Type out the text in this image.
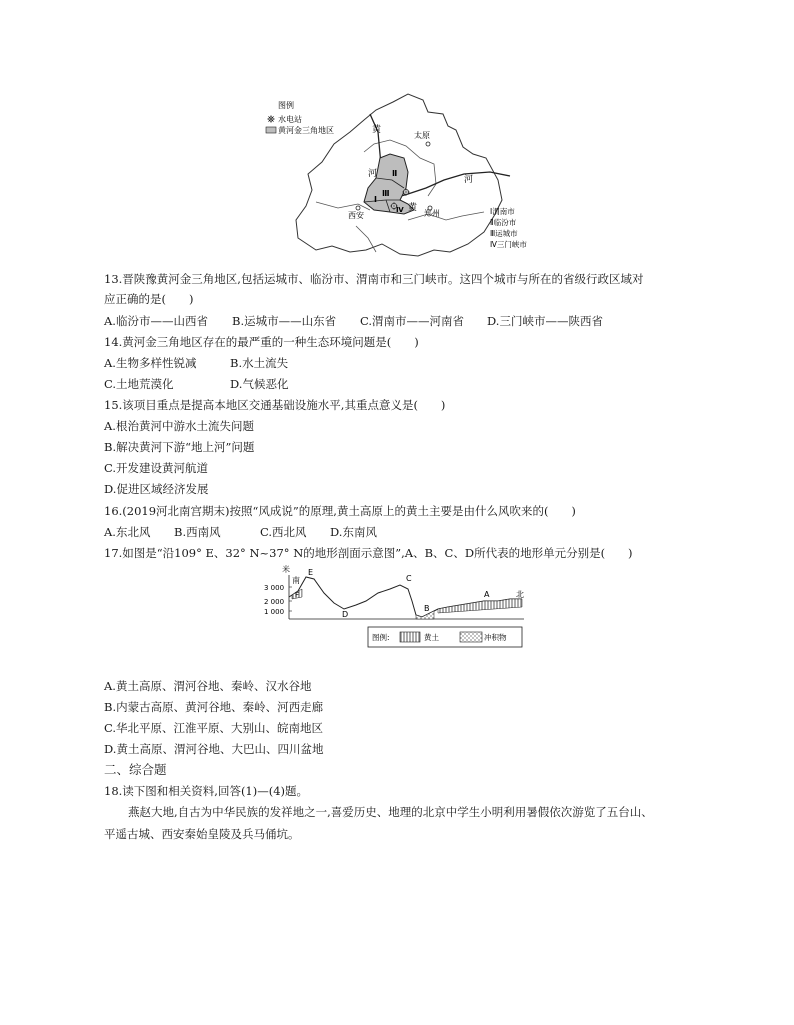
图例
水电站
黄河金三角地区	黄
太原
河
河
黄
西安	郑州
Ⅰ
Ⅱ
Ⅲ
Ⅳ	Ⅰ渭南市
Ⅱ临汾市
Ⅲ运城市
Ⅳ三门峡市
13.晋陕豫黄河金三角地区,包括运城市、临汾市、渭南市和三门峡市。这四个城市与所在的省级行政区域对
应正确的是(　　)
A.临汾市——山西省 B.运城市——山东省 C.渭南市——河南省 D.三门峡市——陕西省
14.黄河金三角地区存在的最严重的一种生态环境问题是(　　)
A.生物多样性锐减	B.水土流失
C.土地荒漠化	D.气候恶化
15.该项目重点是提高本地区交通基础设施水平,其重点意义是(　　)
A.根治黄河中游水土流失问题
B.解决黄河下游“地上河”问题
C.开发建设黄河航道
D.促进区域经济发展
16.(2019河北南宫期末)按照“风成说”的原理,黄土高原上的黄土主要是由什么风吹来的(　　)
A.东北风 B.西南风	C.西北风 D.东南风
17.如图是“沿109° E、32° N~37° N的地形剖面示意图”,A、B、C、D所代表的地形单元分别是(　　)
米
南
北
3 000
2 000
1 000
E
F
D
C
B
A
图例:	黄土	冲积物
A.黄土高原、渭河谷地、秦岭、汉水谷地
B.内蒙古高原、黄河谷地、秦岭、河西走廊
C.华北平原、江淮平原、大别山、皖南地区
D.黄土高原、渭河谷地、大巴山、四川盆地
二、综合题
18.读下图和相关资料,回答(1)—(4)题。
燕赵大地,自古为中华民族的发祥地之一,喜爱历史、地理的北京中学生小明利用暑假依次游览了五台山、
平遥古城、西安秦始皇陵及兵马俑坑。
